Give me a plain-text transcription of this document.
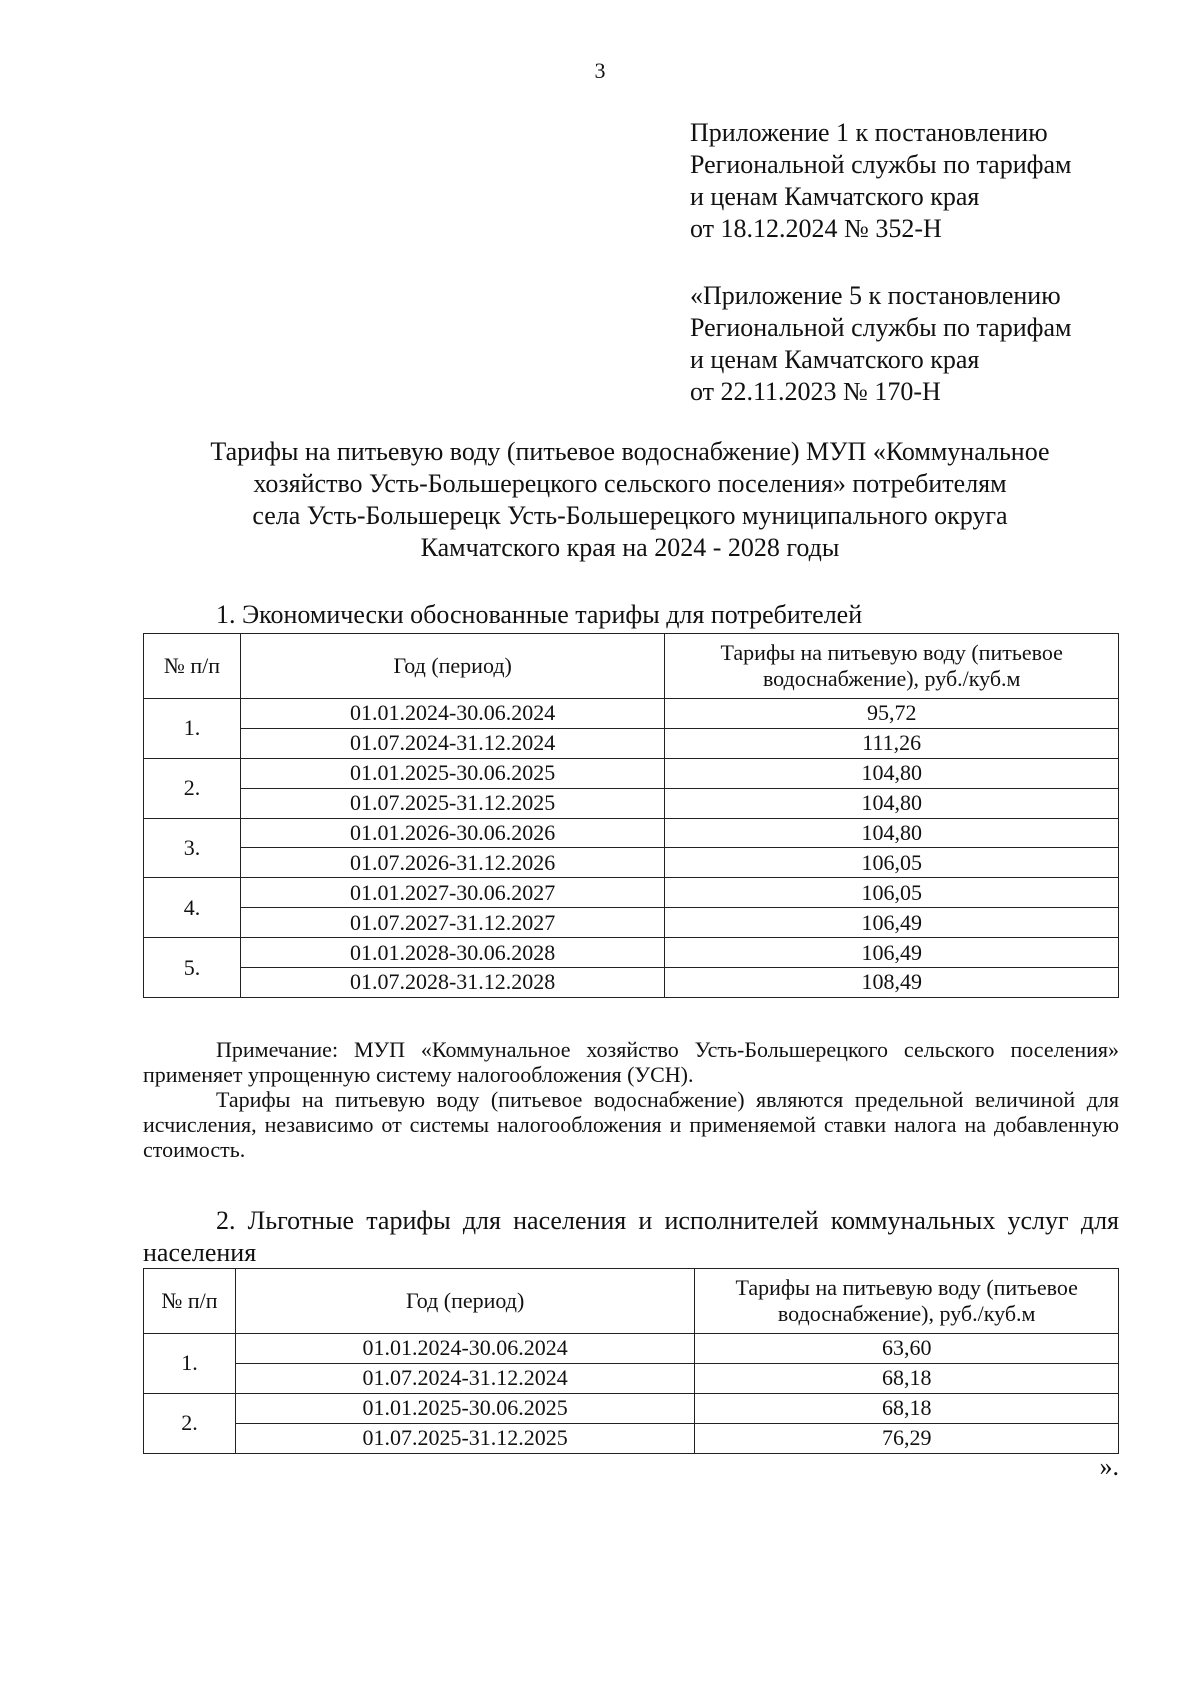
3
Приложение 1 к постановлению
Региональной службы по тарифам
и ценам Камчатского края
от 18.12.2024 № 352-Н
«Приложение 5 к постановлению
Региональной службы по тарифам
и ценам Камчатского края
от 22.11.2023 № 170-Н
Тарифы на питьевую воду (питьевое водоснабжение) МУП «Коммунальное
хозяйство Усть-Большерецкого сельского поселения» потребителям
села Усть-Большерецк Усть-Большерецкого муниципального округа
Камчатского края на 2024 - 2028 годы
1. Экономически обоснованные тарифы для потребителей
№ п/п	Год (период)	Тарифы на питьевую воду (питьевое
водоснабжение), руб./куб.м

1.	01.01.2024-30.06.2024	95,72
	01.07.2024-31.12.2024	111,26
2.	01.01.2025-30.06.2025	104,80
	01.07.2025-31.12.2025	104,80
3.	01.01.2026-30.06.2026	104,80
	01.07.2026-31.12.2026	106,05
4.	01.01.2027-30.06.2027	106,05
	01.07.2027-31.12.2027	106,49
5.	01.01.2028-30.06.2028	106,49
	01.07.2028-31.12.2028	108,49

Примечание: МУП «Коммунальное хозяйство Усть-Большерецкого сельского поселения» применяет упрощенную систему налогообложения (УСН).

Тарифы на питьевую воду (питьевое водоснабжение) являются предельной величиной для исчисления, независимо от системы налогообложения и применяемой ставки налога на добавленную стоимость.

2. Льготные тарифы для населения и исполнителей коммунальных услуг для населения
№ п/п	Год (период)	Тарифы на питьевую воду (питьевое
водоснабжение), руб./куб.м

1.	01.01.2024-30.06.2024	63,60
	01.07.2024-31.12.2024	68,18
2.	01.01.2025-30.06.2025	68,18
	01.07.2025-31.12.2025	76,29
».
